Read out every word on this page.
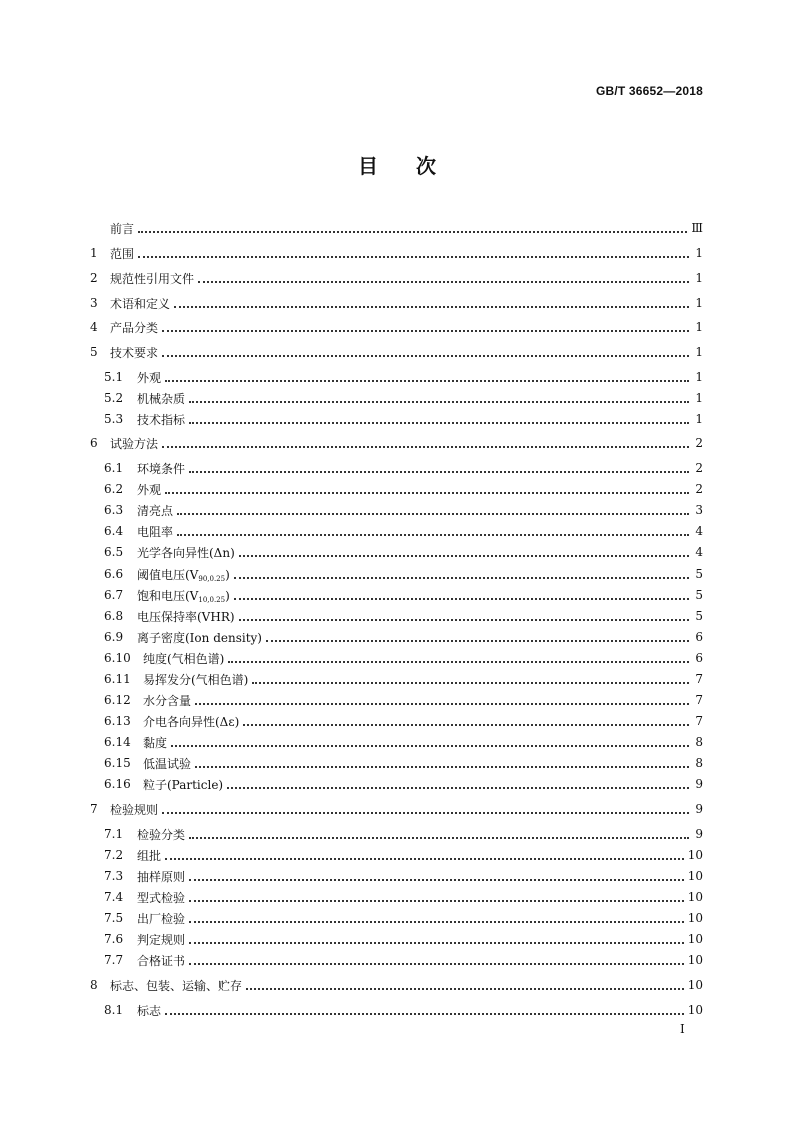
GB/T 36652—2018
目次
前言	Ⅲ
1	范围	1
2	规范性引用文件	1
3	术语和定义	1
4	产品分类	1
5	技术要求	1
5.1	外观	1
5.2	机械杂质	1
5.3	技术指标	1
6	试验方法	2
6.1	环境条件	2
6.2	外观	2
6.3	清亮点	3
6.4	电阻率	4
6.5	光学各向异性(Δn)	4
6.6	阈值电压$(V_{90,0.25})$	5
6.7	饱和电压$(V_{10,0.25})$	5
6.8	电压保持率(VHR)	5
6.9	离子密度(Ion density)	6
6.10	纯度(气相色谱)	6
6.11	易挥发分(气相色谱)	7
6.12	水分含量	7
6.13	介电各向异性(Δε)	7
6.14	黏度	8
6.15	低温试验	8
6.16	粒子(Particle)	9
7	检验规则	9
7.1	检验分类	9
7.2	组批	10
7.3	抽样原则	10
7.4	型式检验	10
7.5	出厂检验	10
7.6	判定规则	10
7.7	合格证书	10
8	标志、包装、运输、贮存	10
8.1	标志	10
I
